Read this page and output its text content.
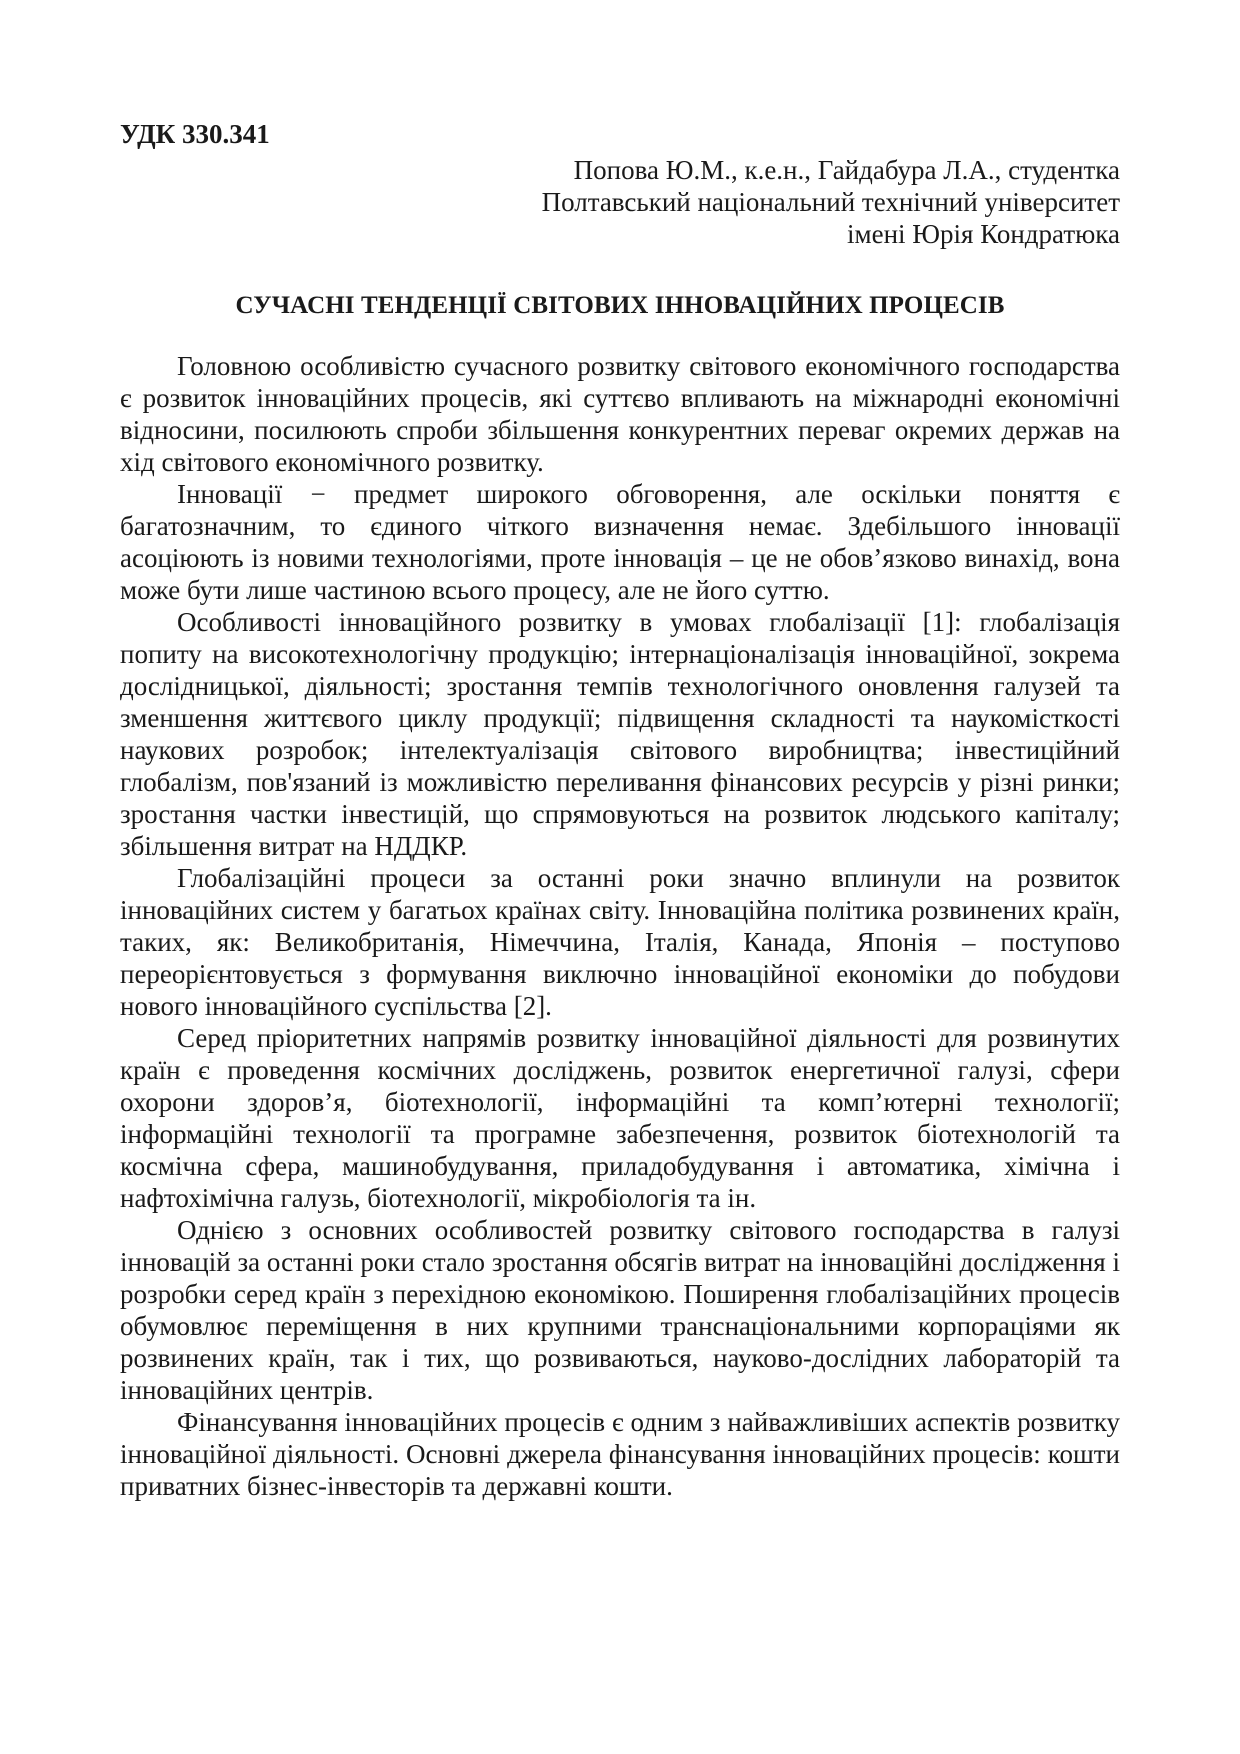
УДК 330.341

Попова Ю.М., к.е.н., Гайдабура Л.А., студентка
Полтавський національний технічний університет
імені Юрія Кондратюка
СУЧАСНІ ТЕНДЕНЦІЇ СВІТОВИХ ІННОВАЦІЙНИХ ПРОЦЕСІВ

Головною особливістю сучасного розвитку світового економічного господарства є розвиток інноваційних процесів, які суттєво впливають на міжнародні економічні відносини, посилюють спроби збільшення конкурентних переваг окремих держав на хід світового економічного розвитку.

Інновації − предмет широкого обговорення, але оскільки поняття є багатозначним, то єдиного чіткого визначення немає. Здебільшого інновації асоціюють із новими технологіями, проте інновація – це не обов’язково винахід, вона може бути лише частиною всього процесу, але не його суттю.

Особливості інноваційного розвитку в умовах глобалізації [1]: глобалізація попиту на високотехнологічну продукцію; інтернаціоналізація інноваційної, зокрема дослідницької, діяльності; зростання темпів технологічного оновлення галузей та зменшення життєвого циклу продукції; підвищення складності та наукомісткості наукових розробок; інтелектуалізація світового виробництва; інвестиційний глобалізм, пов'язаний із можливістю переливання фінансових ресурсів у різні ринки; зростання частки інвестицій, що спрямовуються на розвиток людського капіталу; збільшення витрат на НДДКР.

Глобалізаційні процеси за останні роки значно вплинули на розвиток інноваційних систем у багатьох країнах світу. Інноваційна політика розвинених країн, таких, як: Великобританія, Німеччина, Італія, Канада, Японія – поступово переорієнтовується з формування виключно інноваційної економіки до побудови нового інноваційного суспільства [2].

Серед пріоритетних напрямів розвитку інноваційної діяльності для розвинутих країн є проведення космічних досліджень, розвиток енергетичної галузі, сфери охорони здоров’я, біотехнології, інформаційні та комп’ютерні технології; інформаційні технології та програмне забезпечення, розвиток біотехнологій та космічна сфера, машинобудування, приладобудування і автоматика, хімічна і нафтохімічна галузь, біотехнології, мікробіологія та ін.

Однією з основних особливостей розвитку світового господарства в галузі інновацій за останні роки стало зростання обсягів витрат на інноваційні дослідження і розробки серед країн з перехідною економікою. Поширення глобалізаційних процесів обумовлює переміщення в них крупними транснаціональними корпораціями як розвинених країн, так і тих, що розвиваються, науково-дослідних лабораторій та інноваційних центрів.

Фінансування інноваційних процесів є одним з найважливіших аспектів розвитку інноваційної діяльності. Основні джерела фінансування інноваційних процесів: кошти приватних бізнес-інвесторів та державні кошти.
